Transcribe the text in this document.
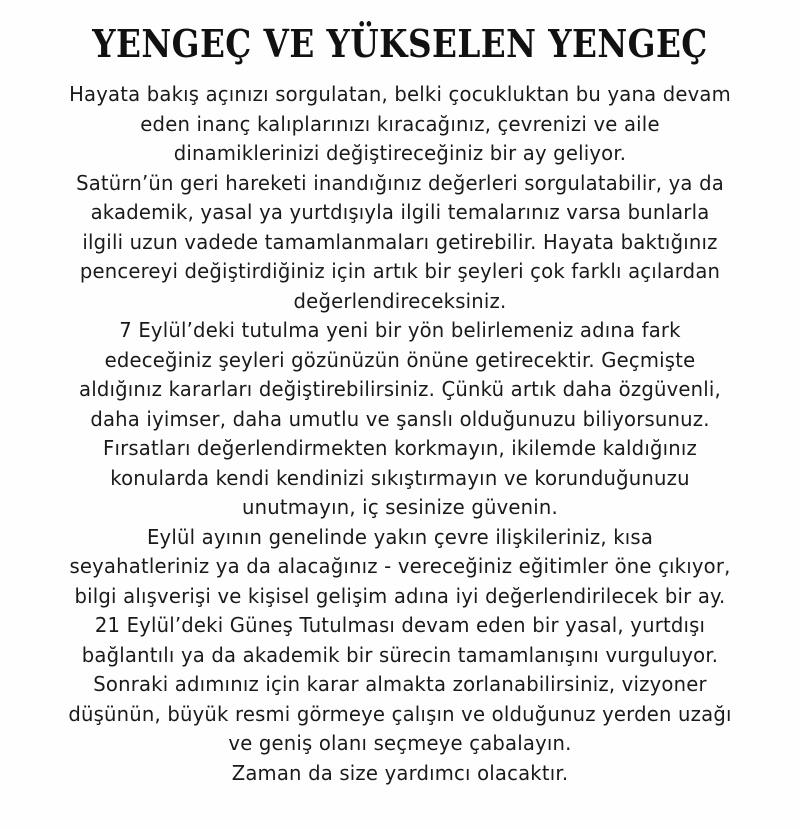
YENGEÇ VE YÜKSELEN YENGEÇ
Hayata bakış açınızı sorgulatan, belki çocukluktan bu yana devam
eden inanç kalıplarınızı kıracağınız, çevrenizi ve aile
dinamiklerinizi değiştireceğiniz bir ay geliyor.
Satürn’ün geri hareketi inandığınız değerleri sorgulatabilir, ya da
akademik, yasal ya yurtdışıyla ilgili temalarınız varsa bunlarla
ilgili uzun vadede tamamlanmaları getirebilir. Hayata baktığınız
pencereyi değiştirdiğiniz için artık bir şeyleri çok farklı açılardan
değerlendireceksiniz.
7 Eylül’deki tutulma yeni bir yön belirlemeniz adına fark
edeceğiniz şeyleri gözünüzün önüne getirecektir. Geçmişte
aldığınız kararları değiştirebilirsiniz. Çünkü artık daha özgüvenli,
daha iyimser, daha umutlu ve şanslı olduğunuzu biliyorsunuz.
Fırsatları değerlendirmekten korkmayın, ikilemde kaldığınız
konularda kendi kendinizi sıkıştırmayın ve korunduğunuzu
unutmayın, iç sesinize güvenin.
Eylül ayının genelinde yakın çevre ilişkileriniz, kısa
seyahatleriniz ya da alacağınız - vereceğiniz eğitimler öne çıkıyor,
bilgi alışverişi ve kişisel gelişim adına iyi değerlendirilecek bir ay.
21 Eylül’deki Güneş Tutulması devam eden bir yasal, yurtdışı
bağlantılı ya da akademik bir sürecin tamamlanışını vurguluyor.
Sonraki adımınız için karar almakta zorlanabilirsiniz, vizyoner
düşünün, büyük resmi görmeye çalışın ve olduğunuz yerden uzağı
ve geniş olanı seçmeye çabalayın.
Zaman da size yardımcı olacaktır.
